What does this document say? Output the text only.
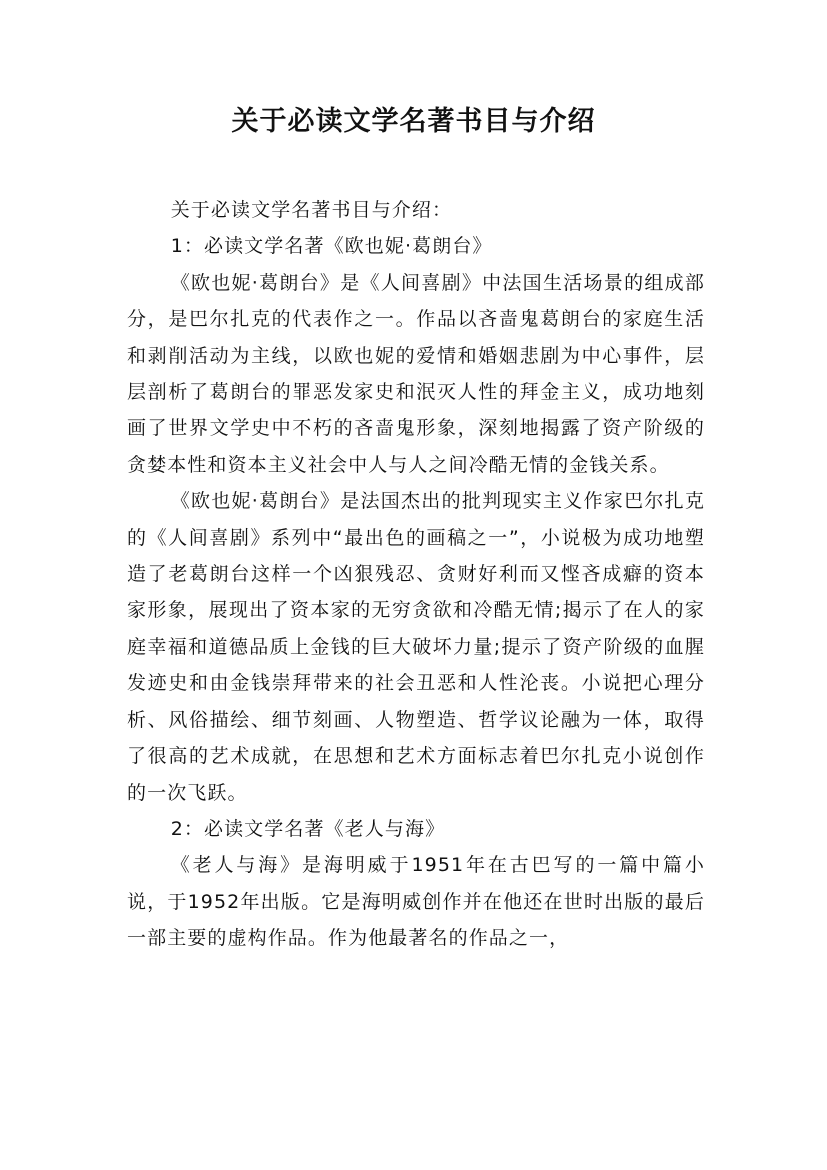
关于必读文学名著书目与介绍

关于必读文学名著书目与介绍：

1：必读文学名著《欧也妮·葛朗台》

《欧也妮·葛朗台》是《人间喜剧》中法国生活场景的组成部分，是巴尔扎克的代表作之一。作品以吝啬鬼葛朗台的家庭生活和剥削活动为主线，以欧也妮的爱情和婚姻悲剧为中心事件，层层剖析了葛朗台的罪恶发家史和泯灭人性的拜金主义，成功地刻画了世界文学史中不朽的吝啬鬼形象，深刻地揭露了资产阶级的贪婪本性和资本主义社会中人与人之间冷酷无情的金钱关系。

《欧也妮·葛朗台》是法国杰出的批判现实主义作家巴尔扎克的《人间喜剧》系列中“最出色的画稿之一”，小说极为成功地塑造了老葛朗台这样一个凶狠残忍、贪财好利而又悭吝成癖的资本家形象，展现出了资本家的无穷贪欲和冷酷无情;揭示了在人的家庭幸福和道德品质上金钱的巨大破坏力量;提示了资产阶级的血腥发迹史和由金钱崇拜带来的社会丑恶和人性沦丧。小说把心理分析、风俗描绘、细节刻画、人物塑造、哲学议论融为一体，取得了很高的艺术成就，在思想和艺术方面标志着巴尔扎克小说创作的一次飞跃。

2：必读文学名著《老人与海》

《老人与海》是海明威于1951年在古巴写的一篇中篇小说，于1952年出版。它是海明威创作并在他还在世时出版的最后一部主要的虚构作品。作为他最著名的作品之一，
